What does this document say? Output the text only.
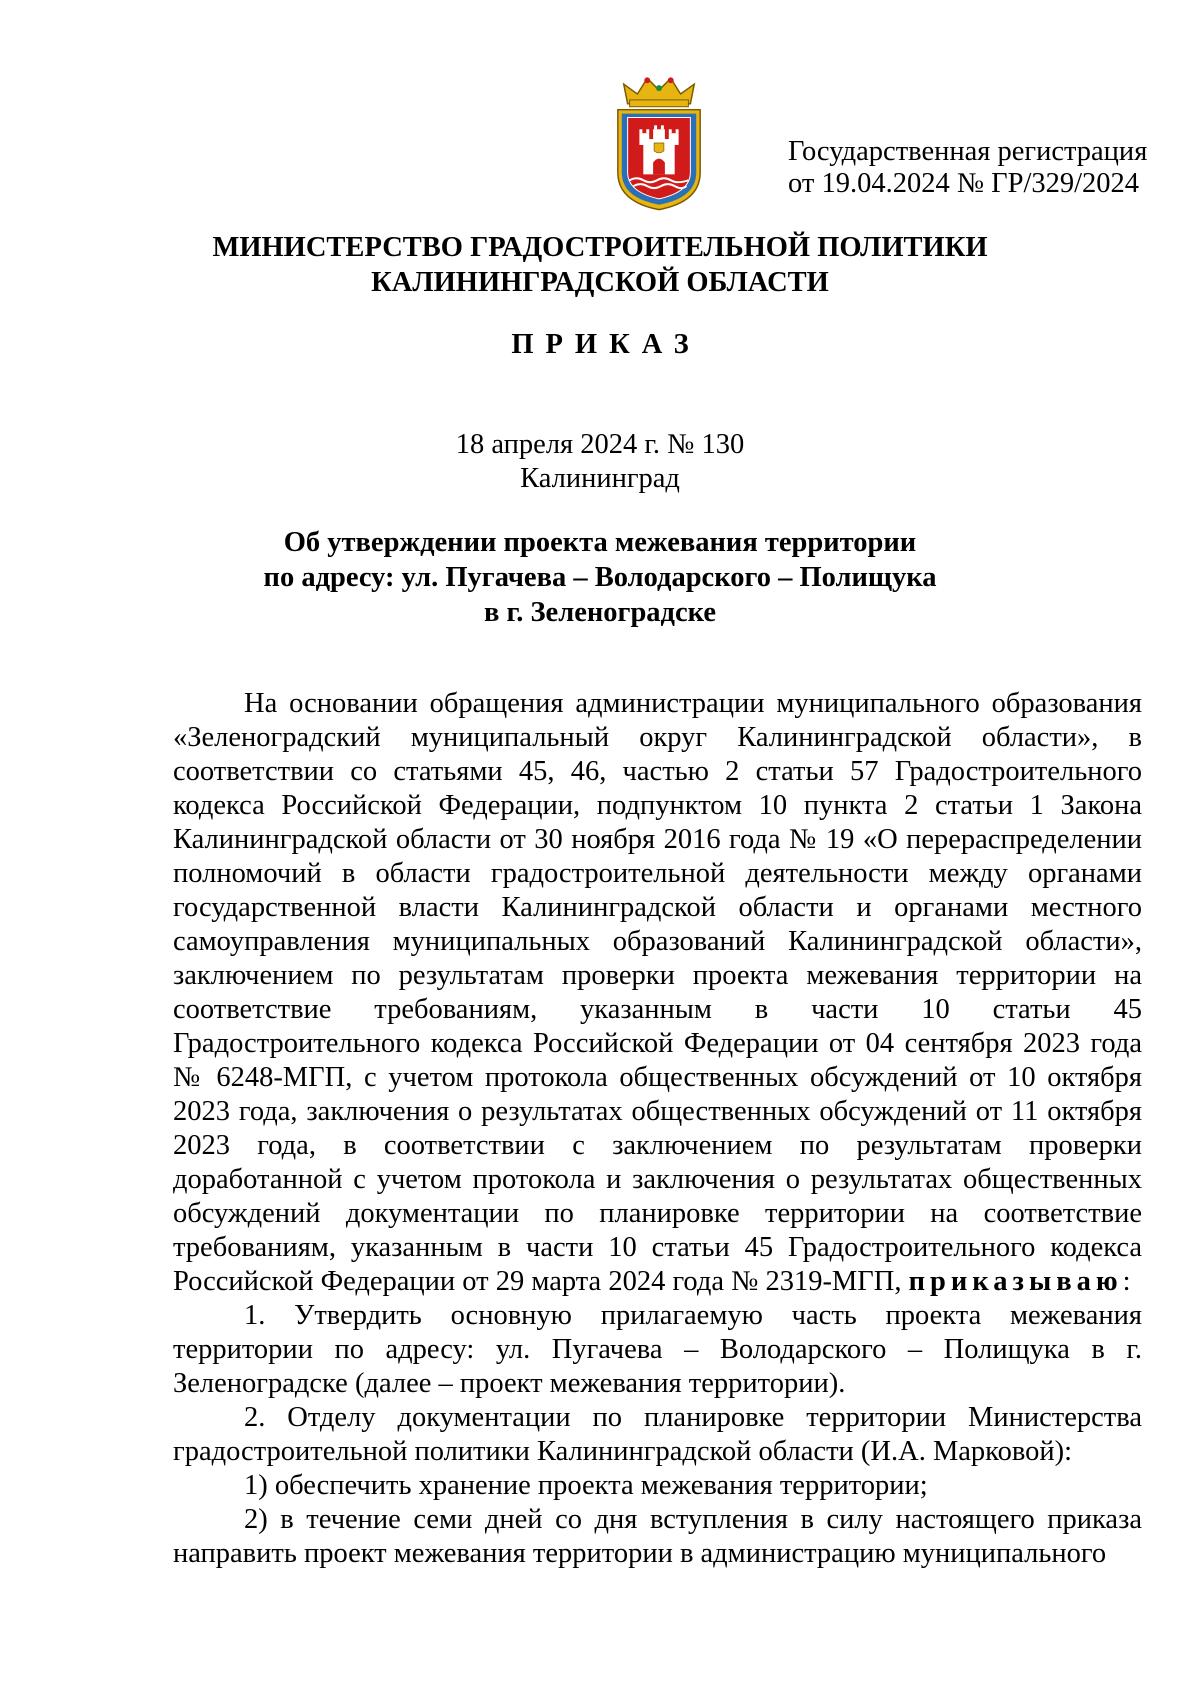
Государственная регистрация
от 19.04.2024 № ГР/329/2024
МИНИСТЕРСТВО ГРАДОСТРОИТЕЛЬНОЙ ПОЛИТИКИ
КАЛИНИНГРАДСКОЙ ОБЛАСТИ
ПРИКАЗ
18 апреля 2024 г. № 130
Калининград
Об утверждении проекта межевания территории
по адресу: ул. Пугачева – Володарского – Полищука
в г. Зеленоградске

На основании обращения администрации муниципального образования «Зеленоградский муниципальный округ Калининградской области», в соответствии со статьями 45, 46, частью 2 статьи 57 Градостроительного кодекса Российской Федерации, подпунктом 10 пункта 2 статьи 1 Закона Калининградской области от 30 ноября 2016 года № 19 «О перераспределении полномочий в области градостроительной деятельности между органами государственной власти Калининградской области и органами местного самоуправления муниципальных образований Калининградской области», заключением по результатам проверки проекта межевания территории на соответствие требованиям, указанным в части 10 статьи 45 Градостроительного кодекса Российской Федерации от 04 сентября 2023 года № 6248-МГП, с учетом протокола общественных обсуждений от 10 октября 2023 года, заключения о результатах общественных обсуждений от 11 октября 2023 года, в соответствии с заключением по результатам проверки доработанной с учетом протокола и заключения о результатах общественных обсуждений документации по планировке территории на соответствие требованиям, указанным в части 10 статьи 45 Градостроительного кодекса Российской Федерации от 29 марта 2024 года № 2319-МГП, приказываю:

1. Утвердить основную прилагаемую часть проекта межевания территории по адресу: ул. Пугачева – Володарского – Полищука в г. Зеленоградске (далее – проект межевания территории).

2. Отделу документации по планировке территории Министерства градостроительной политики Калининградской области (И.А. Марковой):

1) обеспечить хранение проекта межевания территории;

2) в течение семи дней со дня вступления в силу настоящего приказа направить проект межевания территории в администрацию муниципального
